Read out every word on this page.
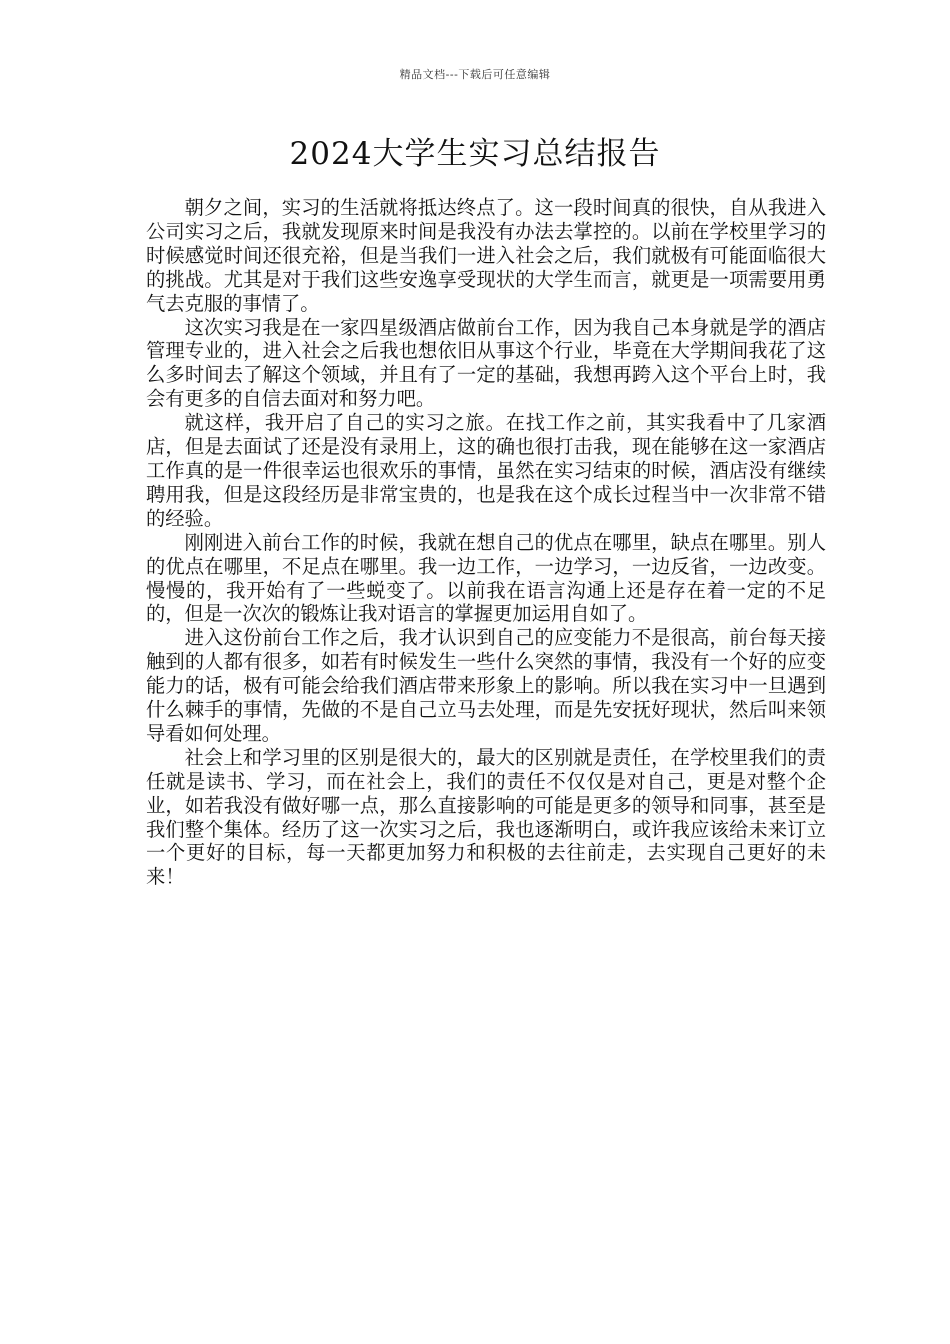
精品文档---下载后可任意编辑
2024大学生实习总结报告

朝夕之间，实习的生活就将抵达终点了。这一段时间真的很快，自从我进入公司实习之后，我就发现原来时间是我没有办法去掌控的。以前在学校里学习的时候感觉时间还很充裕，但是当我们一进入社会之后，我们就极有可能面临很大的挑战。尤其是对于我们这些安逸享受现状的大学生而言，就更是一项需要用勇气去克服的事情了。

这次实习我是在一家四星级酒店做前台工作，因为我自己本身就是学的酒店管理专业的，进入社会之后我也想依旧从事这个行业，毕竟在大学期间我花了这么多时间去了解这个领域，并且有了一定的基础，我想再跨入这个平台上时，我会有更多的自信去面对和努力吧。

就这样，我开启了自己的实习之旅。在找工作之前，其实我看中了几家酒店，但是去面试了还是没有录用上，这的确也很打击我，现在能够在这一家酒店工作真的是一件很幸运也很欢乐的事情，虽然在实习结束的时候，酒店没有继续聘用我，但是这段经历是非常宝贵的，也是我在这个成长过程当中一次非常不错的经验。

刚刚进入前台工作的时候，我就在想自己的优点在哪里，缺点在哪里。别人的优点在哪里，不足点在哪里。我一边工作，一边学习，一边反省，一边改变。慢慢的，我开始有了一些蜕变了。以前我在语言沟通上还是存在着一定的不足的，但是一次次的锻炼让我对语言的掌握更加运用自如了。

进入这份前台工作之后，我才认识到自己的应变能力不是很高，前台每天接触到的人都有很多，如若有时候发生一些什么突然的事情，我没有一个好的应变能力的话，极有可能会给我们酒店带来形象上的影响。所以我在实习中一旦遇到什么棘手的事情，先做的不是自己立马去处理，而是先安抚好现状，然后叫来领导看如何处理。

社会上和学习里的区别是很大的，最大的区别就是责任，在学校里我们的责任就是读书、学习，而在社会上，我们的责任不仅仅是对自己，更是对整个企业，如若我没有做好哪一点，那么直接影响的可能是更多的领导和同事，甚至是我们整个集体。经历了这一次实习之后，我也逐渐明白，或许我应该给未来订立一个更好的目标，每一天都更加努力和积极的去往前走，去实现自己更好的未来！
